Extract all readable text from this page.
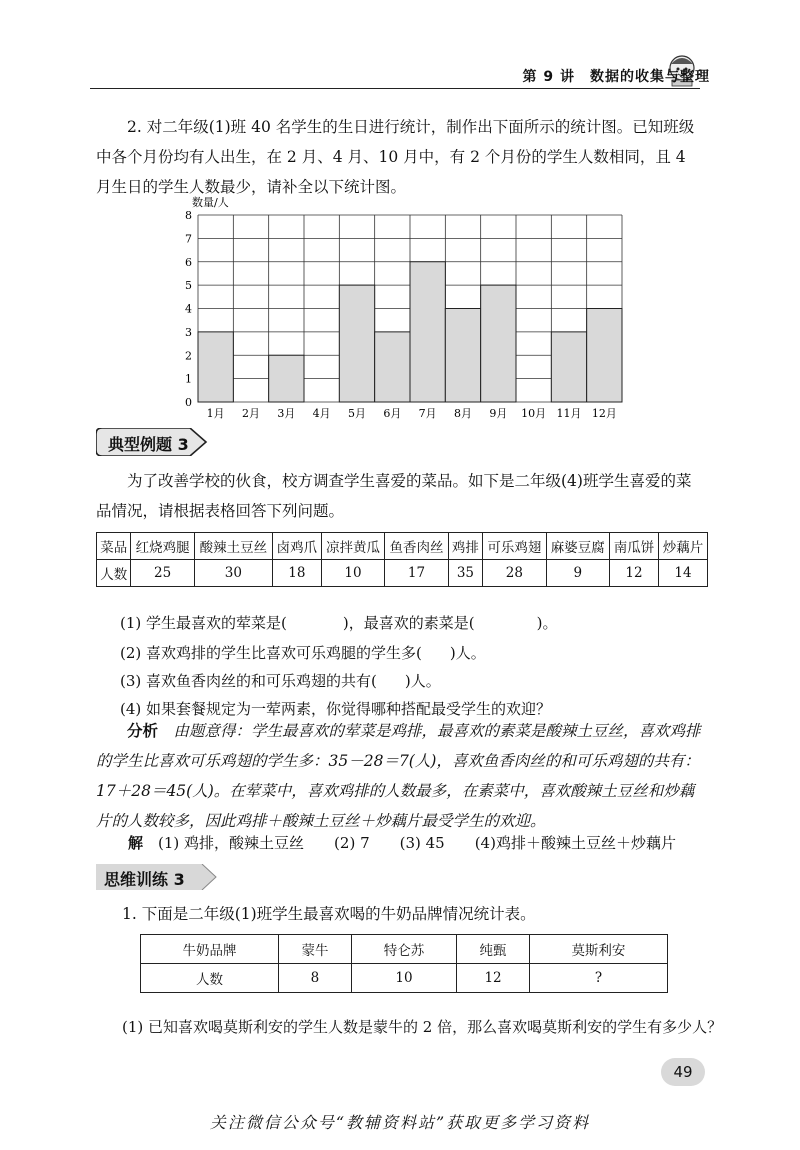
第 9 讲　数据的收集与整理
2. 对二年级(1)班 40 名学生的生日进行统计，制作出下面所示的统计图。已知班级中各个月份均有人出生，在 2 月、4 月、10 月中，有 2 个月份的学生人数相同，且 4 月生日的学生人数最少，请补全以下统计图。
0
1
2
3
4
5
6
7
8
1月 2月 3月 4月 5月 6月 7月 8月 9月 10月 11月 12月
数量/人
典型例题 3
为了改善学校的伙食，校方调查学生喜爱的菜品。如下是二年级(4)班学生喜爱的菜品情况，请根据表格回答下列问题。
菜品	红烧鸡腿	酸辣土豆丝	卤鸡爪	凉拌黄瓜	鱼香肉丝	鸡排	可乐鸡翅	麻婆豆腐	南瓜饼	炒藕片
人数	25	30	18	10	17	35	28	9	12	14
(1) 学生最喜欢的荤菜是(	)，最喜欢的素菜是(	)。
(2) 喜欢鸡排的学生比喜欢可乐鸡腿的学生多( )人。
(3) 喜欢鱼香肉丝的和可乐鸡翅的共有( )人。
(4) 如果套餐规定为一荤两素，你觉得哪种搭配最受学生的欢迎？
分析　 由题意得：学生最喜欢的荤菜是鸡排，最喜欢的素菜是酸辣土豆丝，喜欢鸡排的学生比喜欢可乐鸡翅的学生多：35－28＝7(人)，喜欢鱼香肉丝的和可乐鸡翅的共有：17＋28＝45(人)。在荤菜中，喜欢鸡排的人数最多，在素菜中，喜欢酸辣土豆丝和炒藕片的人数较多，因此鸡排＋酸辣土豆丝＋炒藕片最受学生的欢迎。
解　 (1) 鸡排，酸辣土豆丝　　(2) 7　　(3) 45　　(4)鸡排＋酸辣土豆丝＋炒藕片
思维训练 3
1. 下面是二年级(1)班学生最喜欢喝的牛奶品牌情况统计表。
牛奶品牌	蒙牛	特仑苏	纯甄	莫斯利安
人数	8	10	12	?
(1) 已知喜欢喝莫斯利安的学生人数是蒙牛的 2 倍，那么喜欢喝莫斯利安的学生有多少人？
49
关注微信公众号“教辅资料站”获取更多学习资料
